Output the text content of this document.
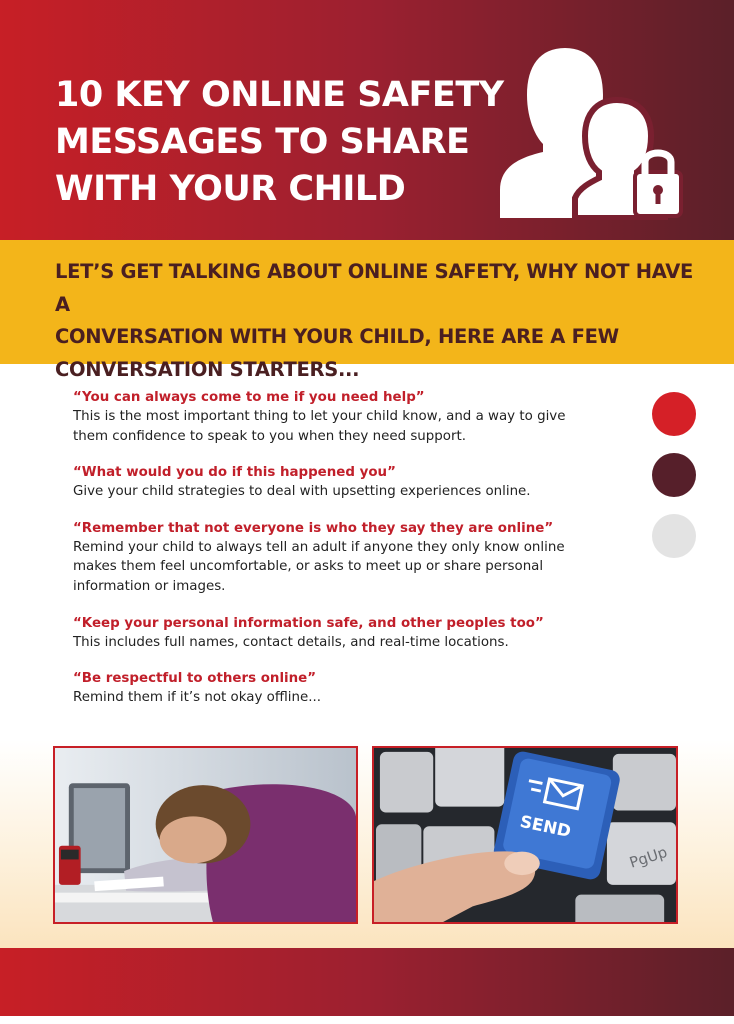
10 KEY ONLINE SAFETY
MESSAGES TO SHARE
WITH YOUR CHILD
LET’S GET TALKING ABOUT ONLINE SAFETY, WHY NOT HAVE A
CONVERSATION WITH YOUR CHILD, HERE ARE A FEW
CONVERSATION STARTERS...
“You can always come to me if you need help”
This is the most important thing to let your child know, and a way to give
them confidence to speak to you when they need support.
“What would you do if this happened you”
Give your child strategies to deal with upsetting experiences online.
“Remember that not everyone is who they say they are online”
Remind your child to always tell an adult if anyone they only know online
makes them feel uncomfortable, or asks to meet up or share personal
information or images.
“Keep your personal information safe, and other peoples too”
This includes full names, contact details, and real-time locations.
“Be respectful to others online”
Remind them if it’s not okay offline...
PgUp
SEND
